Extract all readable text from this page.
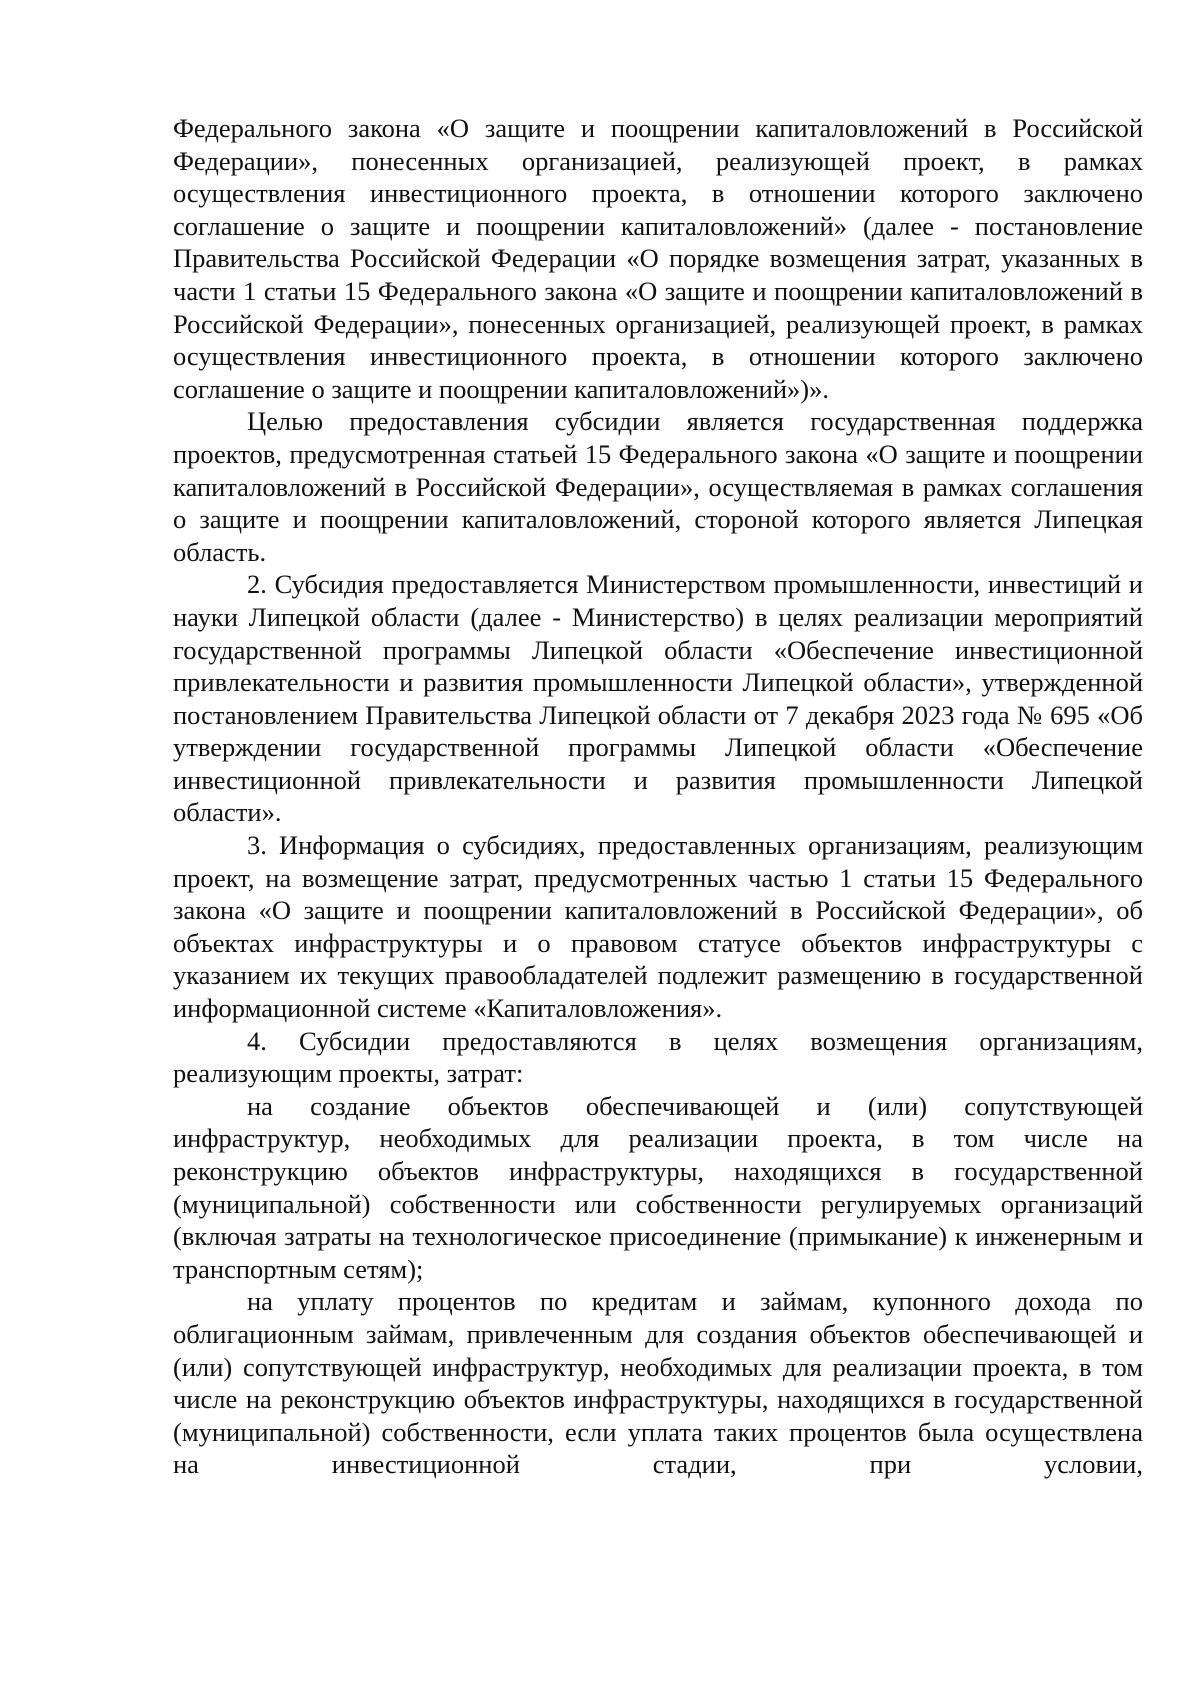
Федерального закона «О защите и поощрении капиталовложений в Российской Федерации», понесенных организацией, реализующей проект, в рамках осуществления инвестиционного проекта, в отношении которого заключено соглашение о защите и поощрении капиталовложений» (далее - постановление Правительства Российской Федерации «О порядке возмещения затрат, указанных в части 1 статьи 15 Федерального закона «О защите и поощрении капиталовложений в Российской Федерации», понесенных организацией, реализующей проект, в рамках осуществления инвестиционного проекта, в отношении которого заключено соглашение о защите и поощрении капиталовложений»)».

Целью предоставления субсидии является государственная поддержка проектов, предусмотренная статьей 15 Федерального закона «О защите и поощрении капиталовложений в Российской Федерации», осуществляемая в рамках соглашения о защите и поощрении капиталовложений, стороной которого является Липецкая область.

2. Субсидия предоставляется Министерством промышленности, инвестиций и науки Липецкой области (далее - Министерство) в целях реализации мероприятий государственной программы Липецкой области «Обеспечение инвестиционной привлекательности и развития промышленности Липецкой области», утвержденной постановлением Правительства Липецкой области от 7 декабря 2023 года № 695 «Об утверждении государственной программы Липецкой области «Обеспечение инвестиционной привлекательности и развития промышленности Липецкой области».

3. Информация о субсидиях, предоставленных организациям, реализующим проект, на возмещение затрат, предусмотренных частью 1 статьи 15 Федерального закона «О защите и поощрении капиталовложений в Российской Федерации», об объектах инфраструктуры и о правовом статусе объектов инфраструктуры с указанием их текущих правообладателей подлежит размещению в государственной информационной системе «Капиталовложения».

4. Субсидии предоставляются в целях возмещения организациям, реализующим проекты, затрат:

на создание объектов обеспечивающей и (или) сопутствующей инфраструктур, необходимых для реализации проекта, в том числе на реконструкцию объектов инфраструктуры, находящихся в государственной (муниципальной) собственности или собственности регулируемых организаций (включая затраты на технологическое присоединение (примыкание) к инженерным и транспортным сетям);

на уплату процентов по кредитам и займам, купонного дохода по облигационным займам, привлеченным для создания объектов обеспечивающей и (или) сопутствующей инфраструктур, необходимых для реализации проекта, в том числе на реконструкцию объектов инфраструктуры, находящихся в государственной (муниципальной) собственности, если уплата таких процентов была осуществлена на инвестиционной стадии, при условии,
